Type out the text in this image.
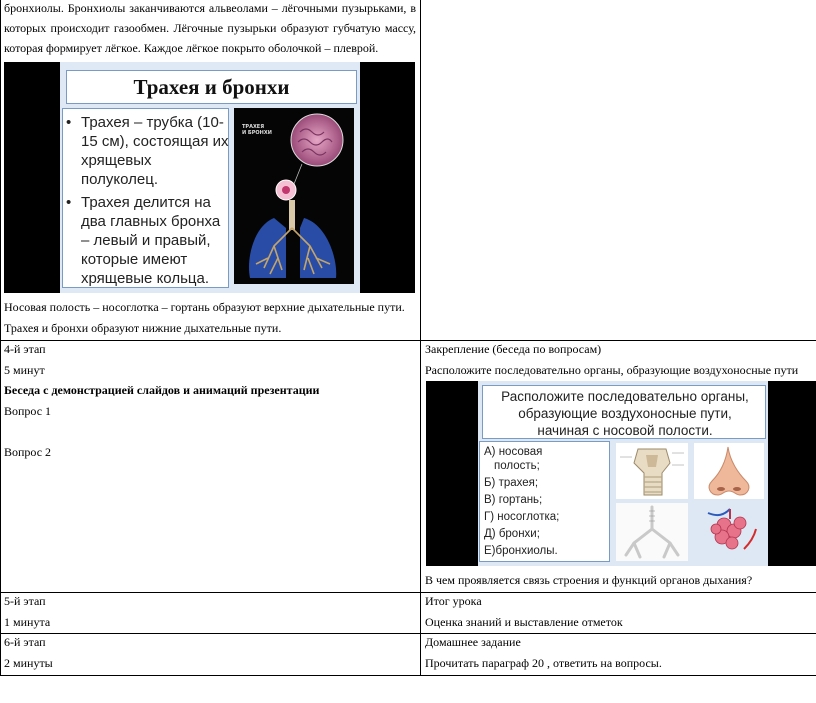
бронхиолы. Бронхиолы заканчиваются альвеолами – лёгочными пузырьками, в
которых происходит газообмен. Лёгочные пузырьки образуют губчатую массу,
которая формирует лёгкое. Каждое лёгкое покрыто оболочкой – плеврой.
Трахея и бронхи
• Трахея – трубка (10-
15 см), состоящая их
хрящевых
полуколец.
• Трахея делится на
два главных бронха
– левый и правый,
которые имеют
хрящевые кольца.
ТРАХЕЯ
И БРОНХИ
Носовая полость – носоглотка – гортань образуют верхние дыхательные пути.
Трахея и бронхи образуют нижние дыхательные пути.
4-й этап
5 минут
Беседа с демонстрацией слайдов и анимаций презентации
Вопрос 1
Вопрос 2
Закрепление (беседа по вопросам)
Расположите последовательно органы, образующие воздухоносные пути
Расположите последовательно органы,
образующие воздухоносные пути,
начиная с носовой полости.
А) носовая
полость;
Б) трахея;
В) гортань;
Г) носоглотка;
Д) бронхи;
Е)бронхиолы.
В чем проявляется связь строения и функций органов дыхания?
5-й этап
1 минута
Итог урока
Оценка знаний и выставление отметок
6-й этап
2 минуты
Домашнее задание
Прочитать параграф 20 , ответить на вопросы.
